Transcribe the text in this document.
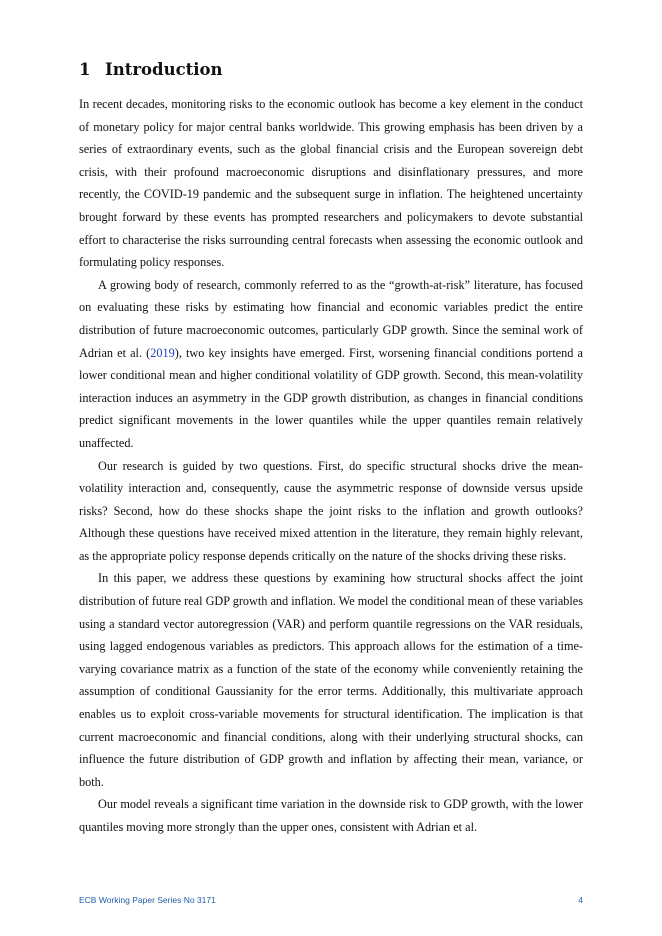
1 Introduction

In recent decades, monitoring risks to the economic outlook has become a key element in the conduct of monetary policy for major central banks worldwide. This growing emphasis has been driven by a series of extraordinary events, such as the global financial crisis and the European sovereign debt crisis, with their profound macroeconomic disruptions and disinflationary pressures, and more recently, the COVID-19 pandemic and the subsequent surge in inflation. The heightened uncertainty brought forward by these events has prompted researchers and policymakers to devote substantial effort to characterise the risks surrounding central forecasts when assessing the economic outlook and formulating policy responses.

A growing body of research, commonly referred to as the “growth-at-risk” literature, has focused on evaluating these risks by estimating how financial and economic variables predict the entire distribution of future macroeconomic outcomes, particularly GDP growth. Since the seminal work of Adrian et al. (2019), two key insights have emerged. First, worsening financial conditions portend a lower conditional mean and higher conditional volatility of GDP growth. Second, this mean-volatility interaction induces an asymmetry in the GDP growth distribution, as changes in financial conditions predict significant movements in the lower quantiles while the upper quantiles remain relatively unaffected.

Our research is guided by two questions. First, do specific structural shocks drive the mean-volatility interaction and, consequently, cause the asymmetric response of downside versus upside risks? Second, how do these shocks shape the joint risks to the inflation and growth outlooks? Although these questions have received mixed attention in the literature, they remain highly relevant, as the appropriate policy response depends critically on the nature of the shocks driving these risks.

In this paper, we address these questions by examining how structural shocks affect the joint distribution of future real GDP growth and inflation. We model the conditional mean of these variables using a standard vector autoregression (VAR) and perform quantile regressions on the VAR residuals, using lagged endogenous variables as predictors. This approach allows for the estimation of a time-varying covariance matrix as a function of the state of the economy while conveniently retaining the assumption of conditional Gaussianity for the error terms. Additionally, this multivariate approach enables us to exploit cross-variable movements for structural identification. The implication is that current macroeconomic and financial conditions, along with their underlying structural shocks, can influence the future distribution of GDP growth and inflation by affecting their mean, variance, or both.

Our model reveals a significant time variation in the downside risk to GDP growth, with the lower quantiles moving more strongly than the upper ones, consistent with Adrian et al.

ECB Working Paper Series No 3171	4
